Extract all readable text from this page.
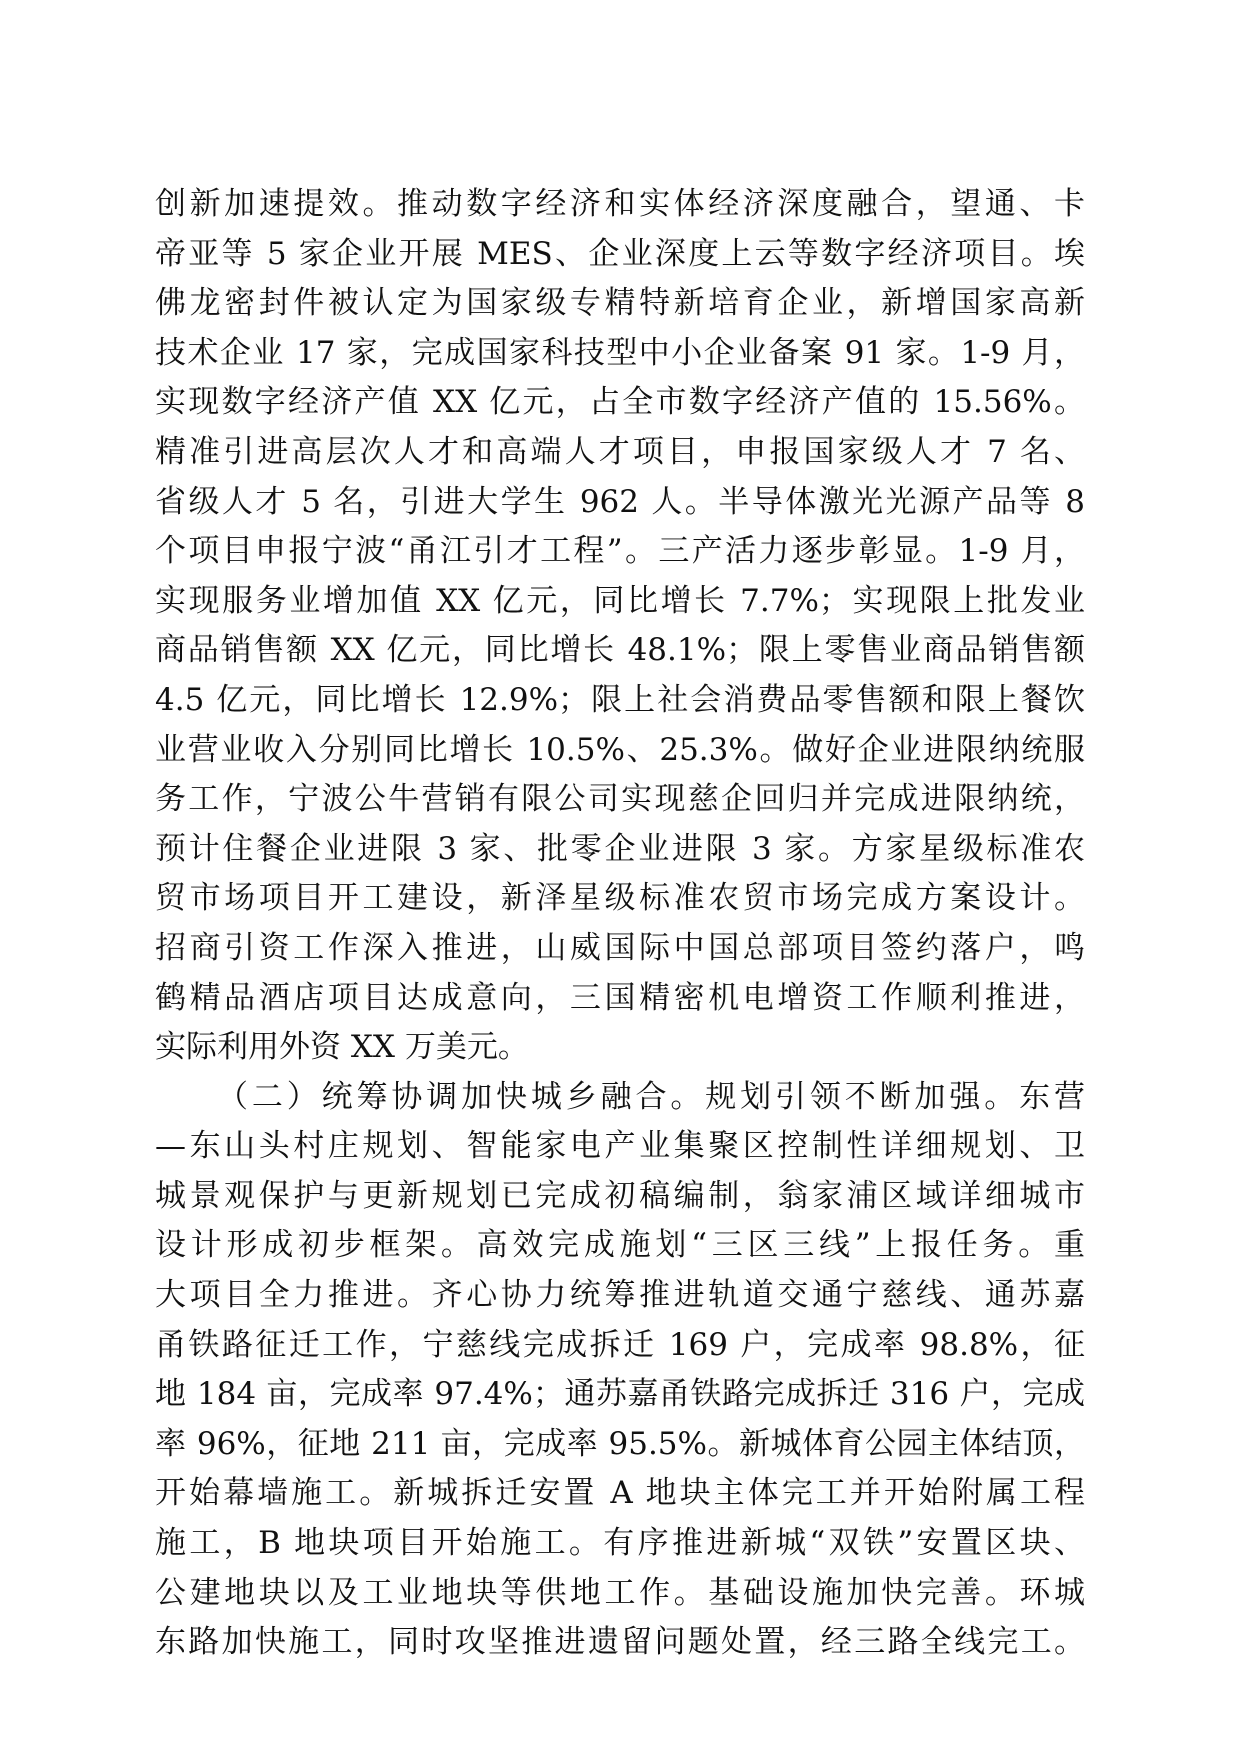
创新加速提效。推动数字经济和实体经济深度融合，望通、卡
帝亚等 5 家企业开展 MES、企业深度上云等数字经济项目。埃
佛龙密封件被认定为国家级专精特新培育企业，新增国家高新
技术企业 17 家，完成国家科技型中小企业备案 91 家。1-9 月，
实现数字经济产值 XX 亿元，占全市数字经济产值的 15.56%。
精准引进高层次人才和高端人才项目，申报国家级人才 7 名、
省级人才 5 名，引进大学生 962 人。半导体激光光源产品等 8
个项目申报宁波“甬江引才工程”。三产活力逐步彰显。1-9 月，
实现服务业增加值 XX 亿元，同比增长 7.7%；实现限上批发业
商品销售额 XX 亿元，同比增长 48.1%；限上零售业商品销售额
4.5 亿元，同比增长 12.9%；限上社会消费品零售额和限上餐饮
业营业收入分别同比增长 10.5%、25.3%。做好企业进限纳统服
务工作，宁波公牛营销有限公司实现慈企回归并完成进限纳统，
预计住餐企业进限 3 家、批零企业进限 3 家。方家星级标准农
贸市场项目开工建设，新泽星级标准农贸市场完成方案设计。
招商引资工作深入推进，山威国际中国总部项目签约落户，鸣
鹤精品酒店项目达成意向，三国精密机电增资工作顺利推进，
实际利用外资 XX 万美元。
（二）统筹协调加快城乡融合。规划引领不断加强。东营
—东山头村庄规划、智能家电产业集聚区控制性详细规划、卫
城景观保护与更新规划已完成初稿编制，翁家浦区域详细城市
设计形成初步框架。高效完成施划“三区三线”上报任务。重
大项目全力推进。齐心协力统筹推进轨道交通宁慈线、通苏嘉
甬铁路征迁工作，宁慈线完成拆迁 169 户，完成率 98.8%，征
地 184 亩，完成率 97.4%；通苏嘉甬铁路完成拆迁 316 户，完成
率 96%，征地 211 亩，完成率 95.5%。新城体育公园主体结顶，
开始幕墙施工。新城拆迁安置 A 地块主体完工并开始附属工程
施工，B 地块项目开始施工。有序推进新城“双铁”安置区块、
公建地块以及工业地块等供地工作。基础设施加快完善。环城
东路加快施工，同时攻坚推进遗留问题处置，经三路全线完工。
